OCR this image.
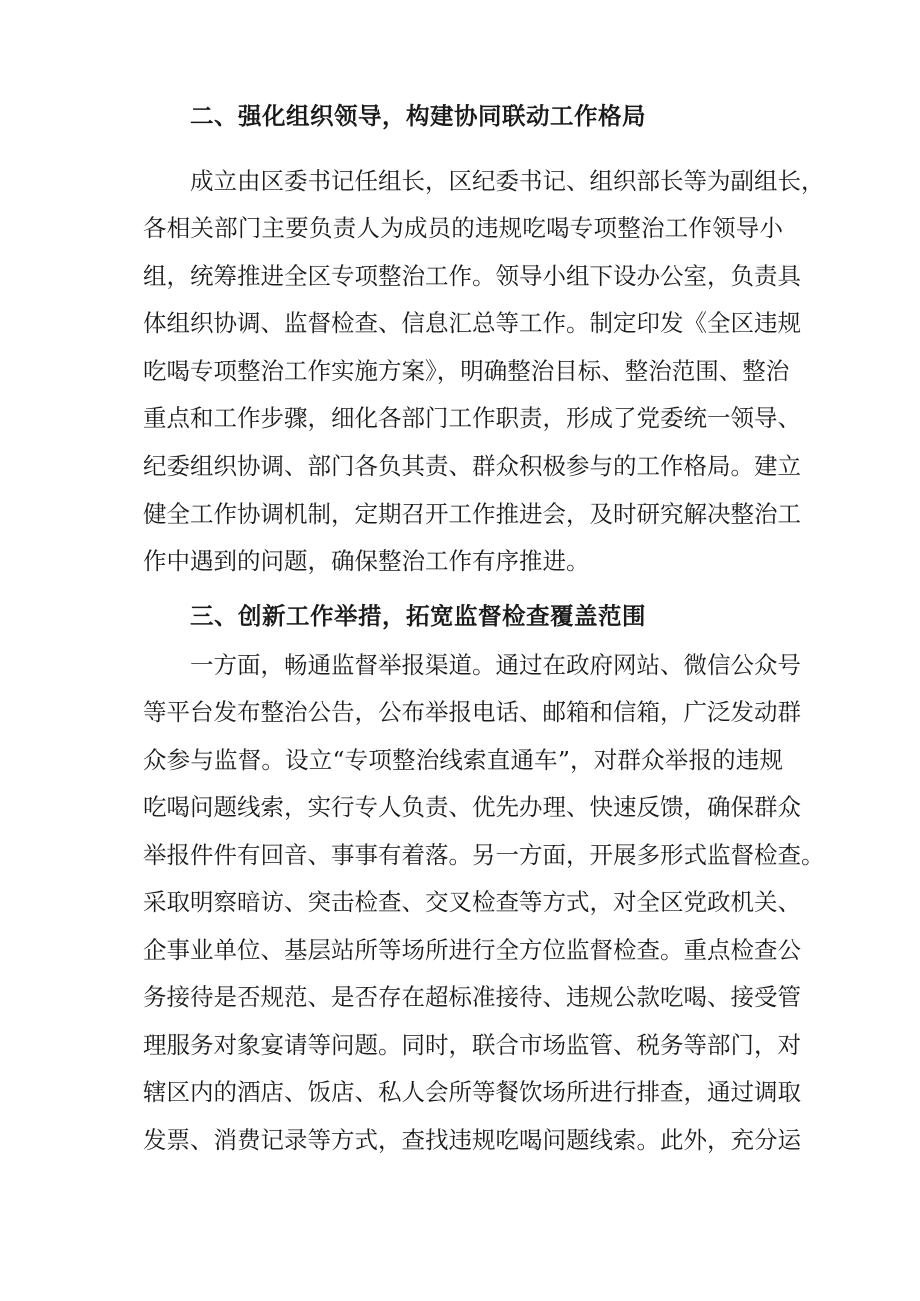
二、强化组织领导，构建协同联动工作格局
成立由区委书记任组长，区纪委书记、组织部长等为副组长，
各相关部门主要负责人为成员的违规吃喝专项整治工作领导小
组，统筹推进全区专项整治工作。领导小组下设办公室，负责具
体组织协调、监督检查、信息汇总等工作。制定印发《全区违规
吃喝专项整治工作实施方案》，明确整治目标、整治范围、整治
重点和工作步骤，细化各部门工作职责，形成了党委统一领导、
纪委组织协调、部门各负其责、群众积极参与的工作格局。建立
健全工作协调机制，定期召开工作推进会，及时研究解决整治工
作中遇到的问题，确保整治工作有序推进。
三、创新工作举措，拓宽监督检查覆盖范围
一方面，畅通监督举报渠道。通过在政府网站、微信公众号
等平台发布整治公告，公布举报电话、邮箱和信箱，广泛发动群
众参与监督。设立“专项整治线索直通车”，对群众举报的违规
吃喝问题线索，实行专人负责、优先办理、快速反馈，确保群众
举报件件有回音、事事有着落。另一方面，开展多形式监督检查。
采取明察暗访、突击检查、交叉检查等方式，对全区党政机关、
企事业单位、基层站所等场所进行全方位监督检查。重点检查公
务接待是否规范、是否存在超标准接待、违规公款吃喝、接受管
理服务对象宴请等问题。同时，联合市场监管、税务等部门，对
辖区内的酒店、饭店、私人会所等餐饮场所进行排查，通过调取
发票、消费记录等方式，查找违规吃喝问题线索。此外，充分运
